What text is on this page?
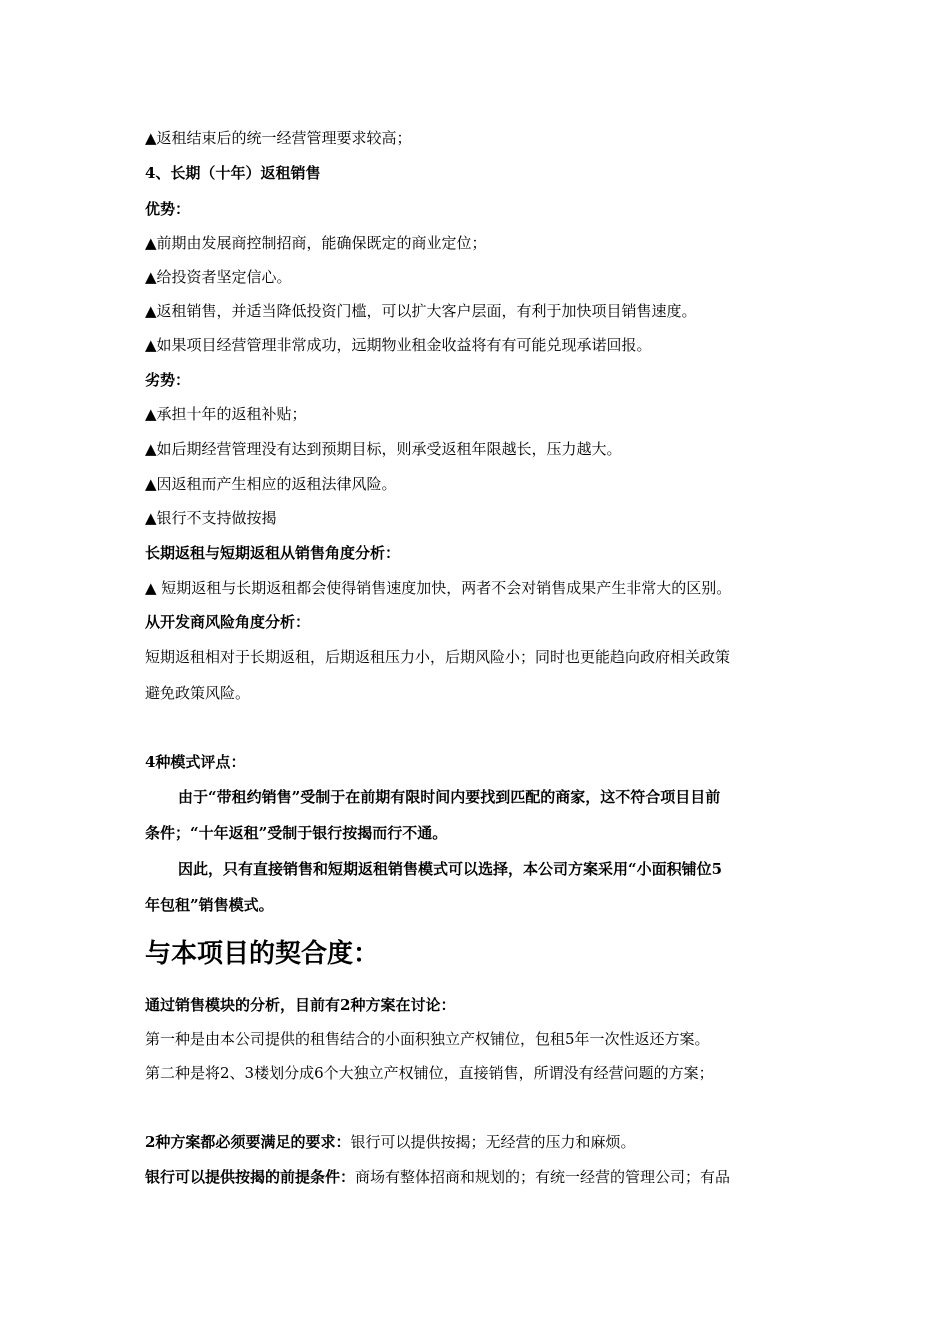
▲返租结束后的统一经营管理要求较高；
4、长期（十年）返租销售
优势：
▲前期由发展商控制招商，能确保既定的商业定位；
▲给投资者坚定信心。
▲返租销售，并适当降低投资门槛，可以扩大客户层面，有利于加快项目销售速度。
▲如果项目经营管理非常成功，远期物业租金收益将有有可能兑现承诺回报。
劣势：
▲承担十年的返租补贴；
▲如后期经营管理没有达到预期目标，则承受返租年限越长，压力越大。
▲因返租而产生相应的返租法律风险。
▲银行不支持做按揭
长期返租与短期返租从销售角度分析：
▲ 短期返租与长期返租都会使得销售速度加快，两者不会对销售成果产生非常大的区别。
从开发商风险角度分析：
短期返租相对于长期返租，后期返租压力小，后期风险小；同时也更能趋向政府相关政策
避免政策风险。
4种模式评点：
由于“带租约销售”受制于在前期有限时间内要找到匹配的商家，这不符合项目目前
条件；“十年返租”受制于银行按揭而行不通。
因此，只有直接销售和短期返租销售模式可以选择，本公司方案采用“小面积铺位5
年包租”销售模式。
与本项目的契合度：
通过销售模块的分析，目前有2种方案在讨论：
第一种是由本公司提供的租售结合的小面积独立产权铺位，包租5年一次性返还方案。
第二种是将2、3楼划分成6个大独立产权铺位，直接销售，所谓没有经营问题的方案；
2种方案都必须要满足的要求：银行可以提供按揭；无经营的压力和麻烦。
银行可以提供按揭的前提条件：商场有整体招商和规划的；有统一经营的管理公司；有品
